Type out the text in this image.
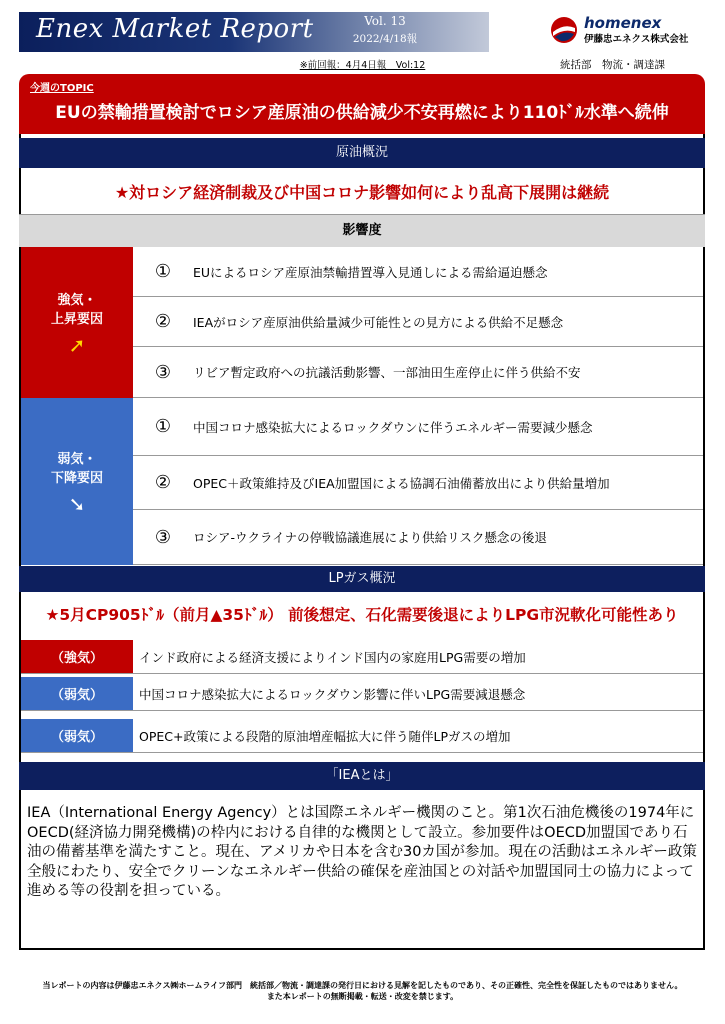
Enex Market Report	Vol. 13
2022/4/18報
homenex
伊藤忠エネクス株式会社
※前回報：4月4日報　Vol:12	統括部　物流・調達課
今週のTOPIC
EUの禁輸措置検討でロシア産原油の供給減少不安再燃により110ﾄﾞﾙ水準へ続伸
原油概況
★対ロシア経済制裁及び中国コロナ影響如何により乱高下展開は継続
影響度
強気・
上昇要因
➚
①	EUによるロシア産原油禁輸措置導入見通しによる需給逼迫懸念
②	IEAがロシア産原油供給量減少可能性との見方による供給不足懸念
③	リビア暫定政府への抗議活動影響、一部油田生産停止に伴う供給不安
弱気・
下降要因
➘
①	中国コロナ感染拡大によるロックダウンに伴うエネルギー需要減少懸念
②	OPEC＋政策維持及びIEA加盟国による協調石油備蓄放出により供給量増加
③	ロシア-ウクライナの停戦協議進展により供給リスク懸念の後退
LPガス概況
★5月CP905ﾄﾞﾙ（前月▲35ﾄﾞﾙ） 前後想定、石化需要後退によりLPG市況軟化可能性あり
（強気）	インド政府による経済支援によりインド国内の家庭用LPG需要の増加
（弱気）	中国コロナ感染拡大によるロックダウン影響に伴いLPG需要減退懸念
（弱気）	OPEC+政策による段階的原油増産幅拡大に伴う随伴LPガスの増加
「IEAとは」
IEA（International Energy Agency）とは国際エネルギー機関のこと。第1次石油危機後の1974年にOECD(経済協力開発機構)の枠内における自律的な機関として設立。参加要件はOECD加盟国であり石油の備蓄基準を満たすこと。現在、アメリカや日本を含む30カ国が参加。現在の活動はエネルギー政策全般にわたり、安全でクリーンなエネルギー供給の確保を産油国との対話や加盟国同士の協力によって進める等の役割を担っている。
当レポートの内容は伊藤忠エネクス㈱ホームライフ部門　統括部／物流・調達課の発行日における見解を記したものであり、その正確性、完全性を保証したものではありません。
また本レポートの無断掲載・転送・改変を禁じます。
